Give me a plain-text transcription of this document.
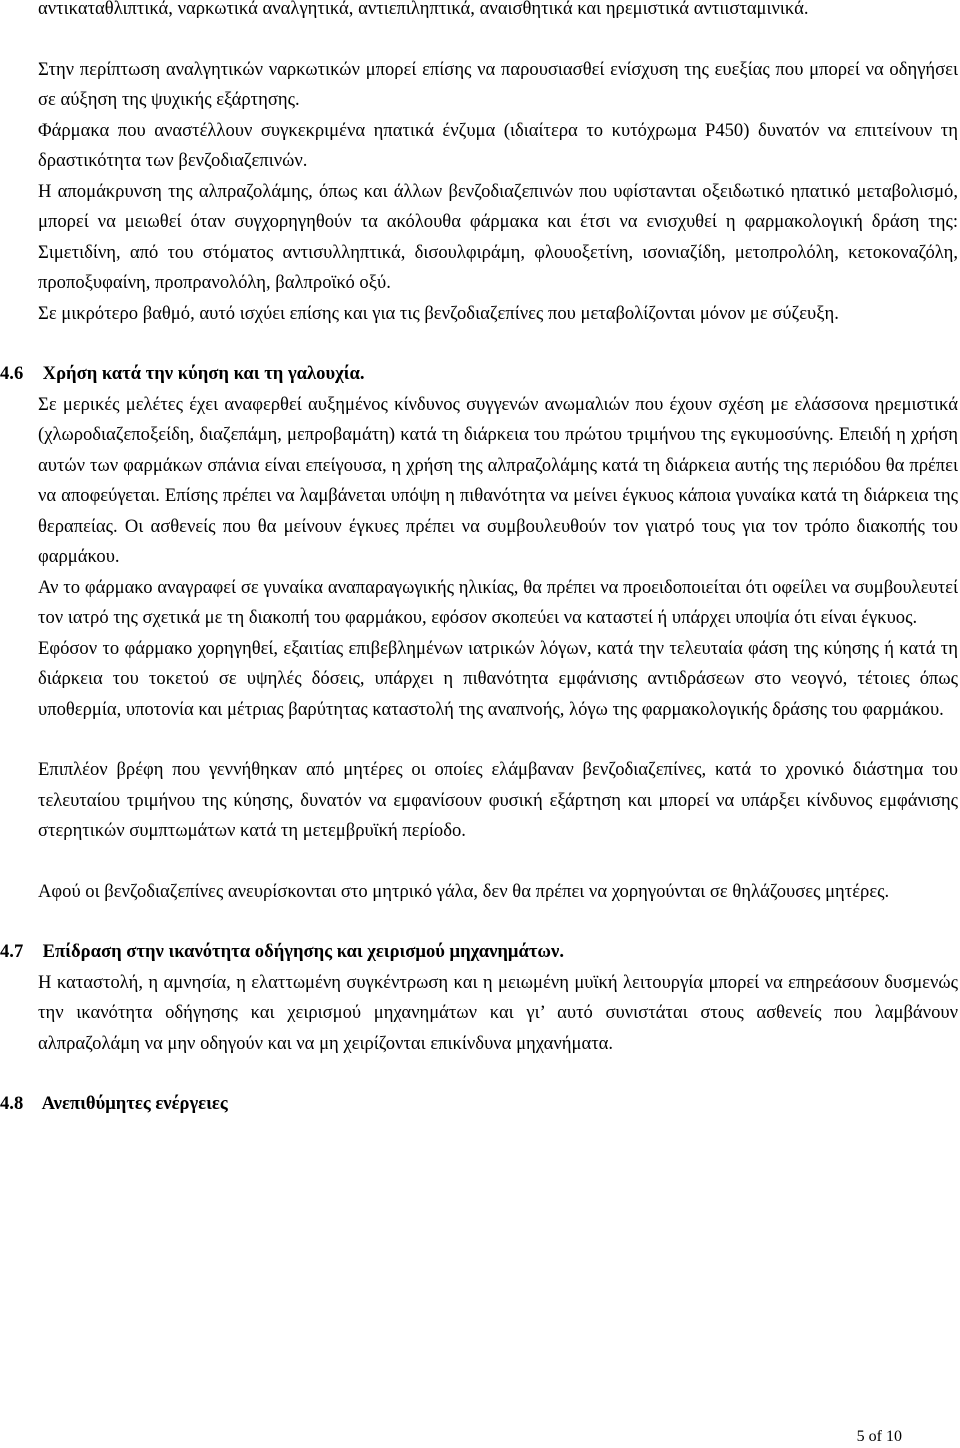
αντικαταθλιπτικά, ναρκωτικά αναλγητικά, αντιεπιληπτικά, αναισθητικά και ηρεμιστικά αντιισταμινικά.

Στην περίπτωση αναλγητικών ναρκωτικών μπορεί επίσης να παρουσιασθεί ενίσχυση της ευεξίας που μπορεί να οδηγήσει σε αύξηση της ψυχικής εξάρτησης.

Φάρμακα που αναστέλλουν συγκεκριμένα ηπατικά ένζυμα (ιδιαίτερα το κυτόχρωμα P450) δυνατόν να επιτείνουν τη δραστικότητα των βενζοδιαζεπινών.

Η απομάκρυνση της αλπραζολάμης, όπως και άλλων βενζοδιαζεπινών που υφίστανται οξειδωτικό ηπατικό μεταβολισμό, μπορεί να μειωθεί όταν συγχορηγηθούν τα ακόλουθα φάρμακα και έτσι να ενισχυθεί η φαρμακολογική δράση της: Σιμετιδίνη, από του στόματος αντισυλληπτικά, δισουλφιράμη, φλουοξετίνη, ισονιαζίδη, μετοπρολόλη, κετοκοναζόλη, προποξυφαίνη, προπρανολόλη, βαλπροϊκό οξύ.

Σε μικρότερο βαθμό, αυτό ισχύει επίσης και για τις βενζοδιαζεπίνες που μεταβολίζονται μόνον με σύζευξη.

4.6 Χρήση κατά την κύηση και τη γαλουχία.

Σε μερικές μελέτες έχει αναφερθεί αυξημένος κίνδυνος συγγενών ανωμαλιών που έχουν σχέση με ελάσσονα ηρεμιστικά (χλωροδιαζεποξείδη, διαζεπάμη, μεπροβαμάτη) κατά τη διάρκεια του πρώτου τριμήνου της εγκυμοσύνης. Επειδή η χρήση αυτών των φαρμάκων σπάνια είναι επείγουσα, η χρήση της αλπραζολάμης κατά τη διάρκεια αυτής της περιόδου θα πρέπει να αποφεύγεται. Επίσης πρέπει να λαμβάνεται υπόψη η πιθανότητα να μείνει έγκυος κάποια γυναίκα κατά τη διάρκεια της θεραπείας. Οι ασθενείς που θα μείνουν έγκυες πρέπει να συμβουλευθούν τον γιατρό τους για τον τρόπο διακοπής του φαρμάκου.

Αν το φάρμακο αναγραφεί σε γυναίκα αναπαραγωγικής ηλικίας, θα πρέπει να προειδοποιείται ότι οφείλει να συμβουλευτεί τον ιατρό της σχετικά με τη διακοπή του φαρμάκου, εφόσον σκοπεύει να καταστεί ή υπάρχει υποψία ότι είναι έγκυος.

Εφόσον το φάρμακο χορηγηθεί, εξαιτίας επιβεβλημένων ιατρικών λόγων, κατά την τελευταία φάση της κύησης ή κατά τη διάρκεια του τοκετού σε υψηλές δόσεις, υπάρχει η πιθανότητα εμφάνισης αντιδράσεων στο νεογνό, τέτοιες όπως υποθερμία, υποτονία και μέτριας βαρύτητας καταστολή της αναπνοής, λόγω της φαρμακολογικής δράσης του φαρμάκου.

Επιπλέον βρέφη που γεννήθηκαν από μητέρες οι οποίες ελάμβαναν βενζοδιαζεπίνες, κατά το χρονικό διάστημα του τελευταίου τριμήνου της κύησης, δυνατόν να εμφανίσουν φυσική εξάρτηση και μπορεί να υπάρξει κίνδυνος εμφάνισης στερητικών συμπτωμάτων κατά τη μετεμβρυϊκή περίοδο.

Αφού οι βενζοδιαζεπίνες ανευρίσκονται στο μητρικό γάλα, δεν θα πρέπει να χορηγούνται σε θηλάζουσες μητέρες.

4.7 Επίδραση στην ικανότητα οδήγησης και χειρισμού μηχανημάτων.

Η καταστολή, η αμνησία, η ελαττωμένη συγκέντρωση και η μειωμένη μυϊκή λειτουργία μπορεί να επηρεάσουν δυσμενώς την ικανότητα οδήγησης και χειρισμού μηχανημάτων και γι’ αυτό συνιστάται στους ασθενείς που λαμβάνουν αλπραζολάμη να μην οδηγούν και να μη χειρίζονται επικίνδυνα μηχανήματα.

4.8 Ανεπιθύμητες ενέργειες
5 of 10
